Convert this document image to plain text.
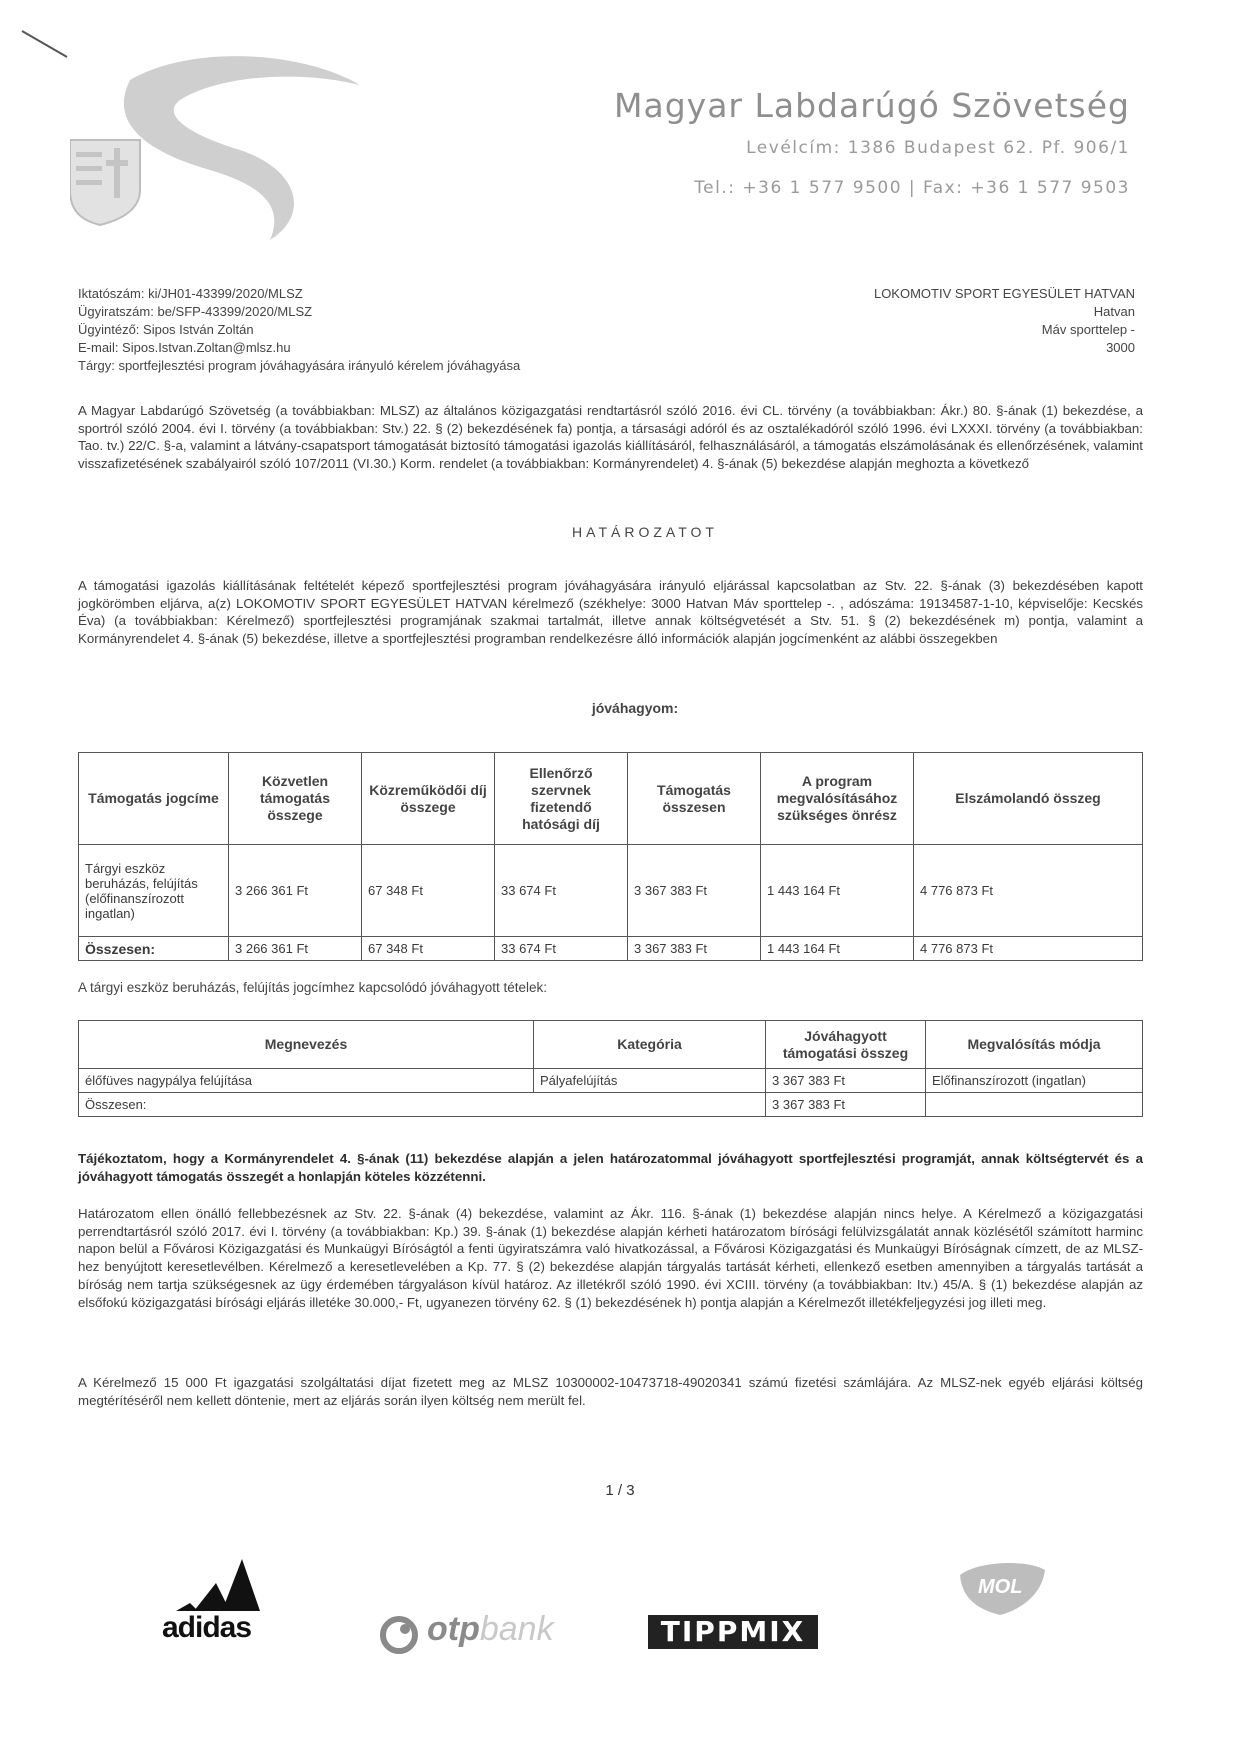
Magyar Labdarúgó Szövetség
Levélcím: 1386 Budapest 62. Pf. 906/1
Tel.: +36 1 577 9500 | Fax: +36 1 577 9503
Iktatószám: ki/JH01-43399/2020/MLSZ
Ügyiratszám: be/SFP-43399/2020/MLSZ
Ügyintéző: Sipos István Zoltán
E-mail: Sipos.Istvan.Zoltan@mlsz.hu
Tárgy: sportfejlesztési program jóváhagyására irányuló kérelem jóváhagyása
LOKOMOTIV SPORT EGYESÜLET HATVAN
Hatvan
Máv sporttelep -
3000

A Magyar Labdarúgó Szövetség (a továbbiakban: MLSZ) az általános közigazgatási rendtartásról szóló 2016. évi CL. törvény (a továbbiakban: Ákr.) 80. §-ának (1) bekezdése, a sportról szóló 2004. évi I. törvény (a továbbiakban: Stv.) 22. § (2) bekezdésének fa) pontja, a társasági adóról és az osztalékadóról szóló 1996. évi LXXXI. törvény (a továbbiakban: Tao. tv.) 22/C. §-a, valamint a látvány-csapatsport támogatását biztosító támogatási igazolás kiállításáról, felhasználásáról, a támogatás elszámolásának és ellenőrzésének, valamint visszafizetésének szabályairól szóló 107/2011 (VI.30.) Korm. rendelet (a továbbiakban: Kormányrendelet) 4. §-ának (5) bekezdése alapján meghozta a következő

HATÁROZATOT

A támogatási igazolás kiállításának feltételét képező sportfejlesztési program jóváhagyására irányuló eljárással kapcsolatban az Stv. 22. §-ának (3) bekezdésében kapott jogkörömben eljárva, a(z) LOKOMOTIV SPORT EGYESÜLET HATVAN kérelmező (székhelye: 3000 Hatvan Máv sporttelep -. , adószáma: 19134587-1-10, képviselője: Kecskés Éva) (a továbbiakban: Kérelmező) sportfejlesztési programjának szakmai tartalmát, illetve annak költségvetését a Stv. 51. § (2) bekezdésének m) pontja, valamint a Kormányrendelet 4. §-ának (5) bekezdése, illetve a sportfejlesztési programban rendelkezésre álló információk alapján jogcímenként az alábbi összegekben

jóváhagyom:
Támogatás jogcíme	Közvetlen támogatás összege	Közreműködői díj összege	Ellenőrző szervnek fizetendő hatósági díj	Támogatás összesen	A program megvalósításához szükséges önrész	Elszámolandó összeg
Tárgyi eszköz beruházás, felújítás (előfinanszírozott ingatlan)	3 266 361 Ft	67 348 Ft	33 674 Ft	3 367 383 Ft	1 443 164 Ft	4 776 873 Ft
Összesen:	3 266 361 Ft	67 348 Ft	33 674 Ft	3 367 383 Ft	1 443 164 Ft	4 776 873 Ft
A tárgyi eszköz beruházás, felújítás jogcímhez kapcsolódó jóváhagyott tételek:
Megnevezés	Kategória	Jóváhagyott támogatási összeg	Megvalósítás módja
élőfüves nagypálya felújítása	Pályafelújítás	3 367 383 Ft	Előfinanszírozott (ingatlan)
Összesen:		3 367 383 Ft	

Tájékoztatom, hogy a Kormányrendelet 4. §-ának (11) bekezdése alapján a jelen határozatommal jóváhagyott sportfejlesztési programját, annak költségtervét és a jóváhagyott támogatás összegét a honlapján köteles közzétenni.

Határozatom ellen önálló fellebbezésnek az Stv. 22. §-ának (4) bekezdése, valamint az Ákr. 116. §-ának (1) bekezdése alapján nincs helye. A Kérelmező a közigazgatási perrendtartásról szóló 2017. évi I. törvény (a továbbiakban: Kp.) 39. §-ának (1) bekezdése alapján kérheti határozatom bírósági felülvizsgálatát annak közlésétől számított harminc napon belül a Fővárosi Közigazgatási és Munkaügyi Bíróságtól a fenti ügyiratszámra való hivatkozással, a Fővárosi Közigazgatási és Munkaügyi Bíróságnak címzett, de az MLSZ-hez benyújtott keresetlevélben. Kérelmező a keresetlevelében a Kp. 77. § (2) bekezdése alapján tárgyalás tartását kérheti, ellenkező esetben amennyiben a tárgyalás tartását a bíróság nem tartja szükségesnek az ügy érdemében tárgyaláson kívül határoz. Az illetékről szóló 1990. évi XCIII. törvény (a továbbiakban: Itv.) 45/A. § (1) bekezdése alapján az elsőfokú közigazgatási bírósági eljárás illetéke 30.000,- Ft, ugyanezen törvény 62. § (1) bekezdésének h) pontja alapján a Kérelmezőt illetékfeljegyzési jog illeti meg.

A Kérelmező 15 000 Ft igazgatási szolgáltatási díjat fizetett meg az MLSZ 10300002-10473718-49020341 számú fizetési számlájára. Az MLSZ-nek egyéb eljárási költség megtérítéséről nem kellett döntenie, mert az eljárás során ilyen költség nem merült fel.

1 / 3
adidas	otpbank	TIPPMIX
MOL
